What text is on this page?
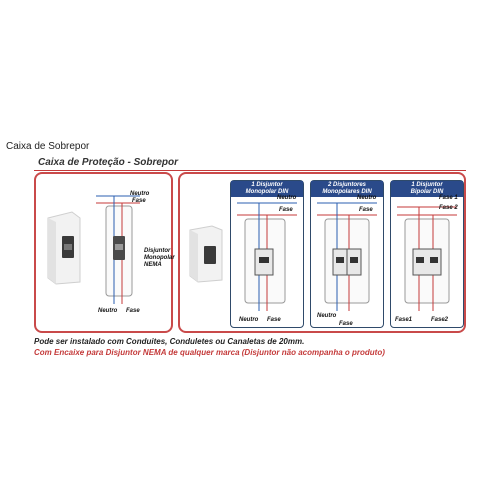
Caixa de Sobrepor
Caixa de Proteção - Sobrepor
Neutro
Fase
Disjuntor
Monopolar
NEMA
Neutro Fase
1 Disjuntor
Monopolar DIN
Neutro
Fase
Neutro Fase
2 Disjuntores
Monopolares DIN
Neutro
Fase
Neutro
Fase
1 Disjuntor
Bipolar DIN
Fase 1
Fase 2
Fase1	Fase2
Pode ser instalado com Conduites, Conduletes ou Canaletas de 20mm.
Com Encaixe para Disjuntor NEMA de qualquer marca (Disjuntor não acompanha o produto)
